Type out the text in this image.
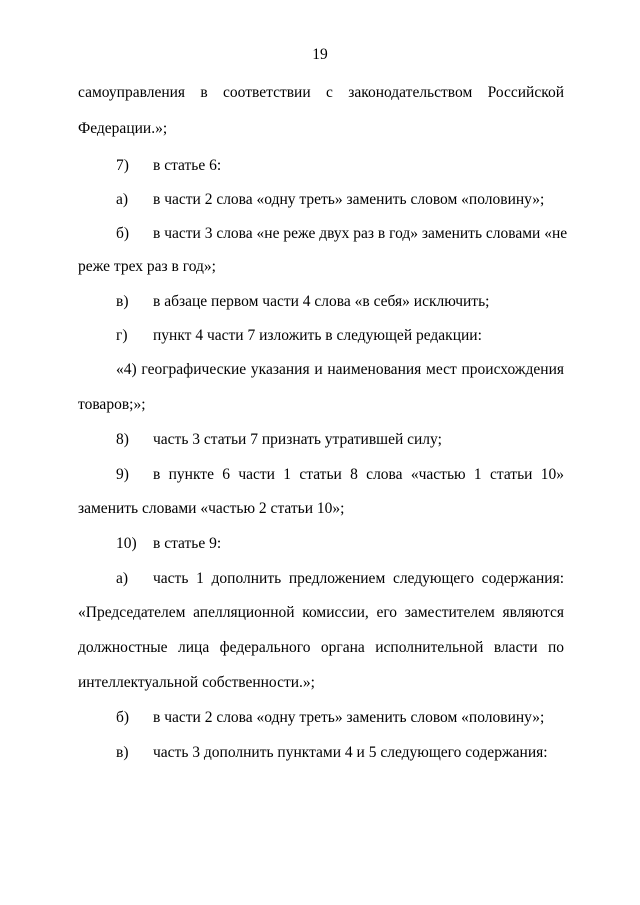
19
самоуправления в соответствии с законодательством Российской
Федерации.»;
7) в статье 6:
а) в части 2 слова «одну треть» заменить словом «половину»;
б) в части 3 слова «не реже двух раз в год» заменить словами «не
реже трех раз в год»;
в) в абзаце первом части 4 слова «в себя» исключить;
г) пункт 4 части 7 изложить в следующей редакции:
«4) географические указания и наименования мест происхождения
товаров;»;
8) часть 3 статьи 7 признать утратившей силу;
9) в пункте 6 части 1 статьи 8 слова «частью 1 статьи 10»
заменить словами «частью 2 статьи 10»;
10) в статье 9:
а) часть 1 дополнить предложением следующего содержания:
«Председателем апелляционной комиссии, его заместителем являются
должностные лица федерального органа исполнительной власти по
интеллектуальной собственности.»;
б) в части 2 слова «одну треть» заменить словом «половину»;
в) часть 3 дополнить пунктами 4 и 5 следующего содержания:
